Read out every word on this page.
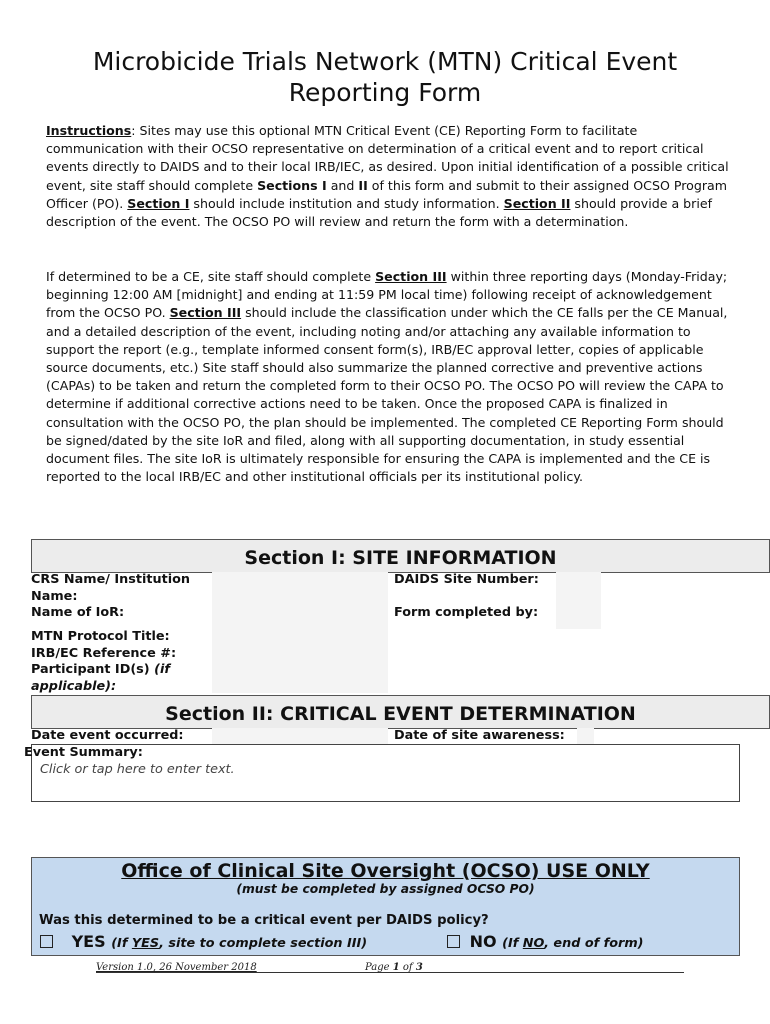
Microbicide Trials Network (MTN) Critical Event Reporting Form
Instructions: Sites may use this optional MTN Critical Event (CE) Reporting Form to facilitate communication with their OCSO representative on determination of a critical event and to report critical events directly to DAIDS and to their local IRB/IEC, as desired. Upon initial identification of a possible critical event, site staff should complete Sections I and II of this form and submit to their assigned OCSO Program Officer (PO). Section I should include institution and study information. Section II should provide a brief description of the event. The OCSO PO will review and return the form with a determination.
If determined to be a CE, site staff should complete Section III within three reporting days (Monday-Friday; beginning 12:00 AM [midnight] and ending at 11:59 PM local time) following receipt of acknowledgement from the OCSO PO. Section III should include the classification under which the CE falls per the CE Manual, and a detailed description of the event, including noting and/or attaching any available information to support the report (e.g., template informed consent form(s), IRB/EC approval letter, copies of applicable source documents, etc.) Site staff should also summarize the planned corrective and preventive actions (CAPAs) to be taken and return the completed form to their OCSO PO. The OCSO PO will review the CAPA to determine if additional corrective actions need to be taken. Once the proposed CAPA is finalized in consultation with the OCSO PO, the plan should be implemented. The completed CE Reporting Form should be signed/dated by the site IoR and filed, along with all supporting documentation, in study essential document files. The site IoR is ultimately responsible for ensuring the CAPA is implemented and the CE is reported to the local IRB/EC and other institutional officials per its institutional policy.
Section I: SITE INFORMATION
CRS Name/ Institution Name:
DAIDS Site Number:
Name of IoR:	Form completed by:
MTN Protocol Title:
IRB/EC Reference #:
Participant ID(s) (if applicable):
Section II: CRITICAL EVENT DETERMINATION
Date event occurred:	Date of site awareness:
Event Summary:
Click or tap here to enter text.
Office of Clinical Site Oversight (OCSO) USE ONLY
(must be completed by assigned OCSO PO)
Was this determined to be a critical event per DAIDS policy?
YES (If YES, site to complete section III)	NO (If NO, end of form)
Version 1.0, 26 November 2018	Page 1 of 3
